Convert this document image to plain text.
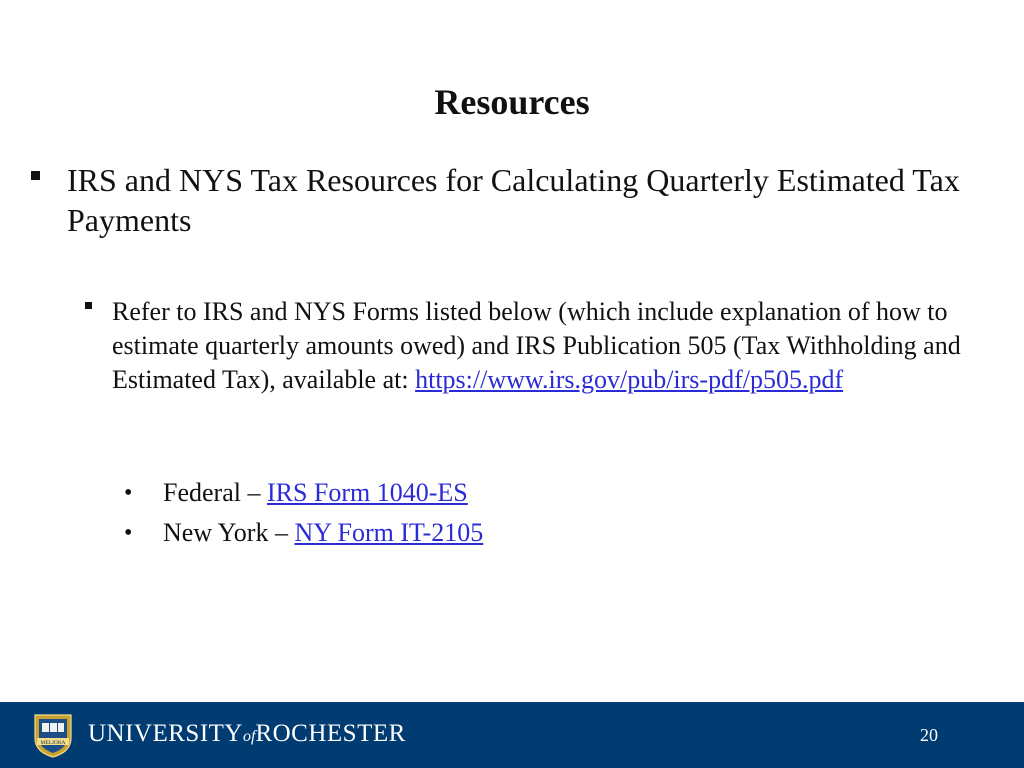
Resources
IRS and NYS Tax Resources for Calculating Quarterly Estimated Tax Payments
Refer to IRS and NYS Forms listed below (which include explanation of how to estimate quarterly amounts owed) and IRS Publication 505 (Tax Withholding and Estimated Tax), available at: https://www.irs.gov/pub/irs-pdf/p505.pdf
• Federal – IRS Form 1040-ES
• New York – NY Form IT-2105
MELIORA UNIVERSITYofROCHESTER	20
